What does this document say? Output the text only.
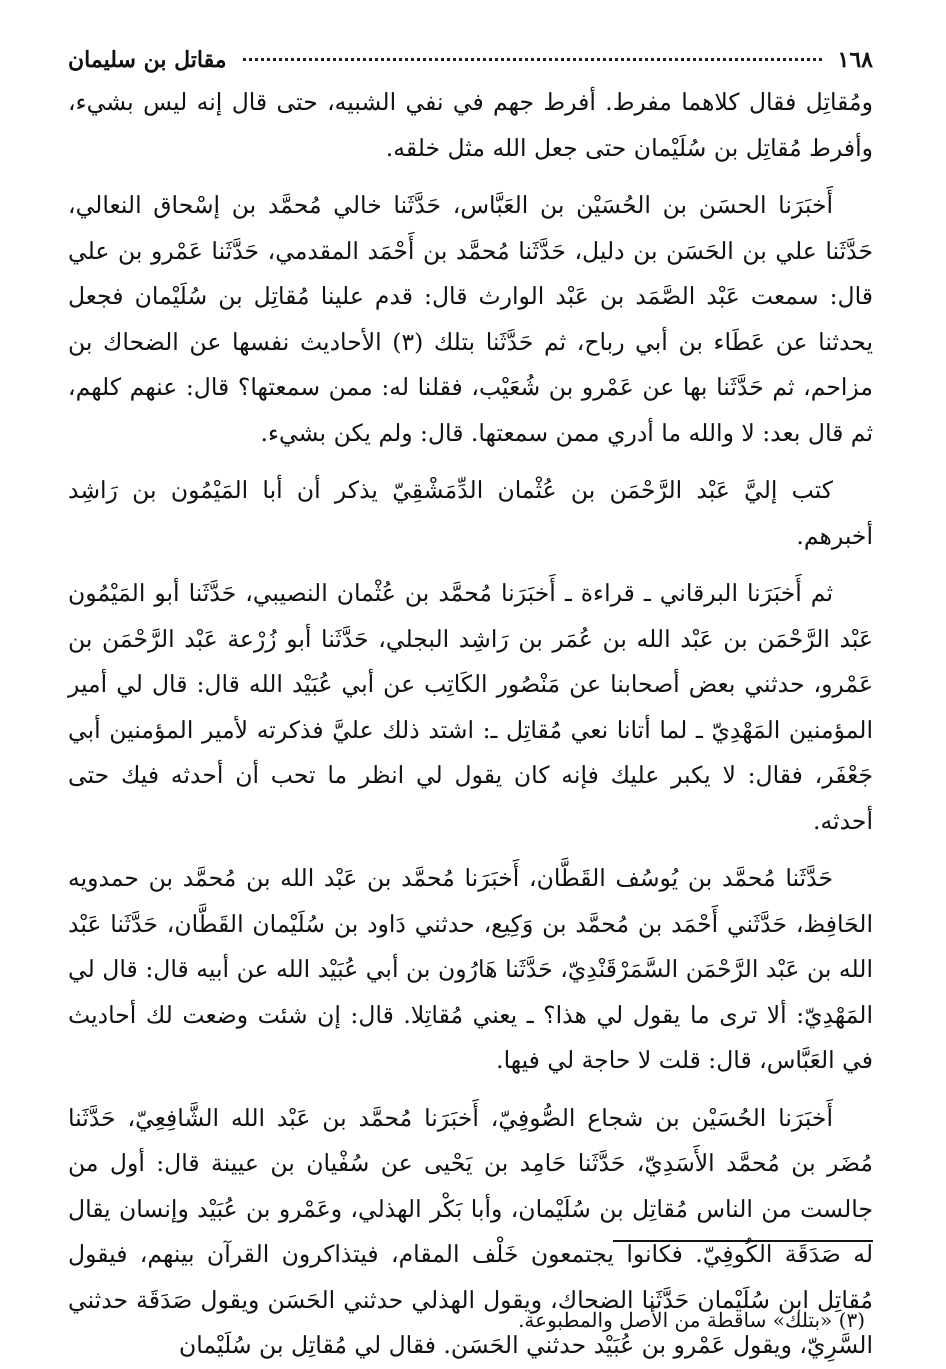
١٦٨
مقاتل بن سليمان

ومُقاتِل فقال كلاهما مفرط. أفرط جهم في نفي الشبيه، حتى قال إنه ليس بشيء، وأفرط مُقاتِل بن سُلَيْمان حتى جعل الله مثل خلقه.

أَخبَرَنا الحسَن بن الحُسَيْن بن العَبَّاس، حَدَّثَنا خالي مُحمَّد بن إسْحاق النعالي، حَدَّثَنا علي بن الحَسَن بن دليل، حَدَّثَنا مُحمَّد بن أَحْمَد المقدمي، حَدَّثَنا عَمْرو بن علي قال: سمعت عَبْد الصَّمَد بن عَبْد الوارث قال: قدم علينا مُقاتِل بن سُلَيْمان فجعل يحدثنا عن عَطَاء بن أبي رباح، ثم حَدَّثَنا بتلك (٣) الأحاديث نفسها عن الضحاك بن مزاحم، ثم حَدَّثَنا بها عن عَمْرو بن شُعَيْب، فقلنا له: ممن سمعتها؟ قال: عنهم كلهم، ثم قال بعد: لا والله ما أدري ممن سمعتها. قال: ولم يكن بشيء.

كتب إليَّ عَبْد الرَّحْمَن بن عُثْمان الدِّمَشْقِيّ يذكر أن أبا المَيْمُون بن رَاشِد أخبرهم.

ثم أَخبَرَنا البرقاني ـ قراءة ـ أَخبَرَنا مُحمَّد بن عُثْمان النصيبي، حَدَّثَنا أبو المَيْمُون عَبْد الرَّحْمَن بن عَبْد الله بن عُمَر بن رَاشِد البجلي، حَدَّثَنا أبو زُرْعة عَبْد الرَّحْمَن بن عَمْرو، حدثني بعض أصحابنا عن مَنْصُور الكَاتِب عن أبي عُبَيْد الله قال: قال لي أمير المؤمنين المَهْدِيّ ـ لما أتانا نعي مُقاتِل ـ: اشتد ذلك عليَّ فذكرته لأمير المؤمنين أبي جَعْفَر، فقال: لا يكبر عليك فإنه كان يقول لي انظر ما تحب أن أحدثه فيك حتى أحدثه.

حَدَّثَنا مُحمَّد بن يُوسُف القَطَّان، أَخبَرَنا مُحمَّد بن عَبْد الله بن مُحمَّد بن حمدويه الحَافِظ، حَدَّثَني أَحْمَد بن مُحمَّد بن وَكِيع، حدثني دَاود بن سُلَيْمان القَطَّان، حَدَّثَنا عَبْد الله بن عَبْد الرَّحْمَن السَّمَرْقَنْدِيّ، حَدَّثَنا هَارُون بن أبي عُبَيْد الله عن أبيه قال: قال لي المَهْدِيّ: ألا ترى ما يقول لي هذا؟ ـ يعني مُقاتِلا. قال: إن شئت وضعت لك أحاديث في العَبَّاس، قال: قلت لا حاجة لي فيها.

أَخبَرَنا الحُسَيْن بن شجاع الصُّوفِيّ، أَخبَرَنا مُحمَّد بن عَبْد الله الشَّافِعِيّ، حَدَّثَنا مُضَر بن مُحمَّد الأَسَدِيّ، حَدَّثَنا حَامِد بن يَحْيى عن سُفْيان بن عيينة قال: أول من جالست من الناس مُقاتِل بن سُلَيْمان، وأبا بَكْر الهذلي، وعَمْرو بن عُبَيْد وإنسان يقال له صَدَقَة الكُوفِيّ. فكانوا يجتمعون خَلْف المقام، فيتذاكرون القرآن بينهم، فيقول مُقاتِل ابن سُلَيْمان حَدَّثَنا الضحاك، ويقول الهذلي حدثني الحَسَن ويقول صَدَقَة حدثني السَّرِيّ، ويقول عَمْرو بن عُبَيْد حدثني الحَسَن. فقال لي مُقاتِل بن سُلَيْمان

(٣) «بتلك» ساقطة من الأصل والمطبوعة.
